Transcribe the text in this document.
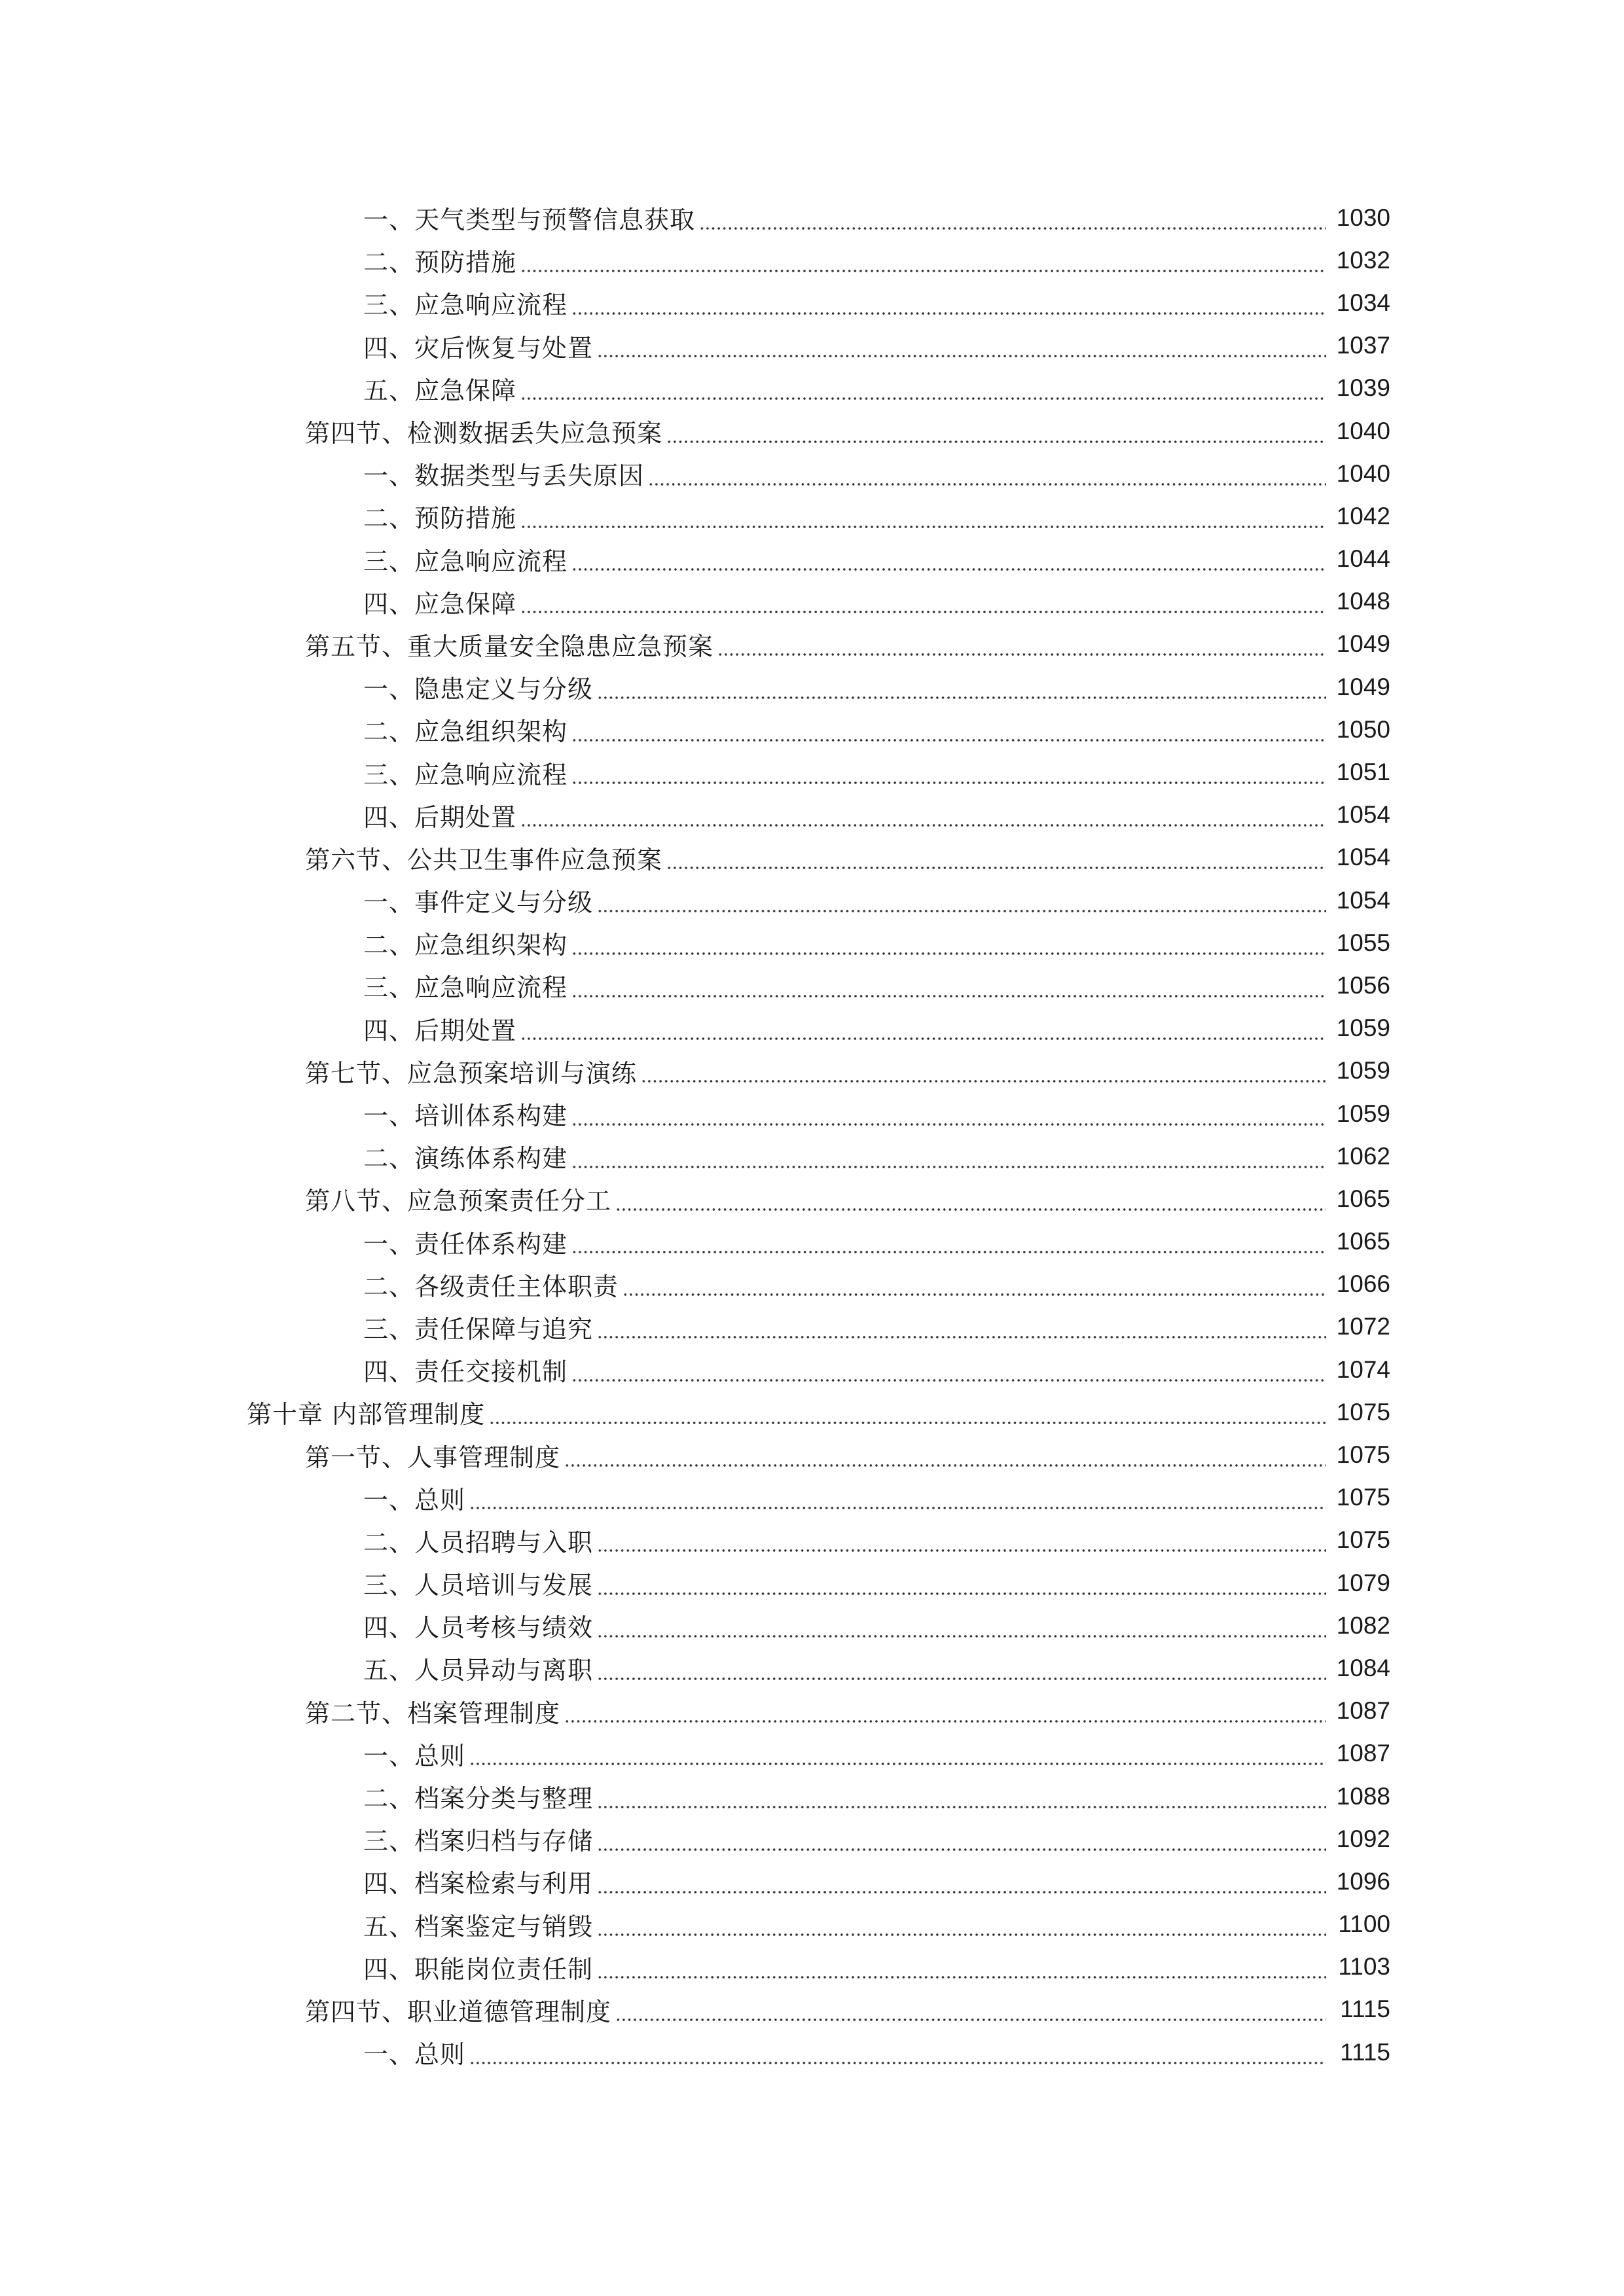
一、天气类型与预警信息获取	1030
二、预防措施	1032
三、应急响应流程	1034
四、灾后恢复与处置	1037
五、应急保障	1039
第四节、检测数据丢失应急预案	1040
一、数据类型与丢失原因	1040
二、预防措施	1042
三、应急响应流程	1044
四、应急保障	1048
第五节、重大质量安全隐患应急预案	1049
一、隐患定义与分级	1049
二、应急组织架构	1050
三、应急响应流程	1051
四、后期处置	1054
第六节、公共卫生事件应急预案	1054
一、事件定义与分级	1054
二、应急组织架构	1055
三、应急响应流程	1056
四、后期处置	1059
第七节、应急预案培训与演练	1059
一、培训体系构建	1059
二、演练体系构建	1062
第八节、应急预案责任分工	1065
一、责任体系构建	1065
二、各级责任主体职责	1066
三、责任保障与追究	1072
四、责任交接机制	1074
第十章 内部管理制度	1075
第一节、人事管理制度	1075
一、总则	1075
二、人员招聘与入职	1075
三、人员培训与发展	1079
四、人员考核与绩效	1082
五、人员异动与离职	1084
第二节、档案管理制度	1087
一、总则	1087
二、档案分类与整理	1088
三、档案归档与存储	1092
四、档案检索与利用	1096
五、档案鉴定与销毁	1100
四、职能岗位责任制	1103
第四节、职业道德管理制度	1115
一、总则	1115
